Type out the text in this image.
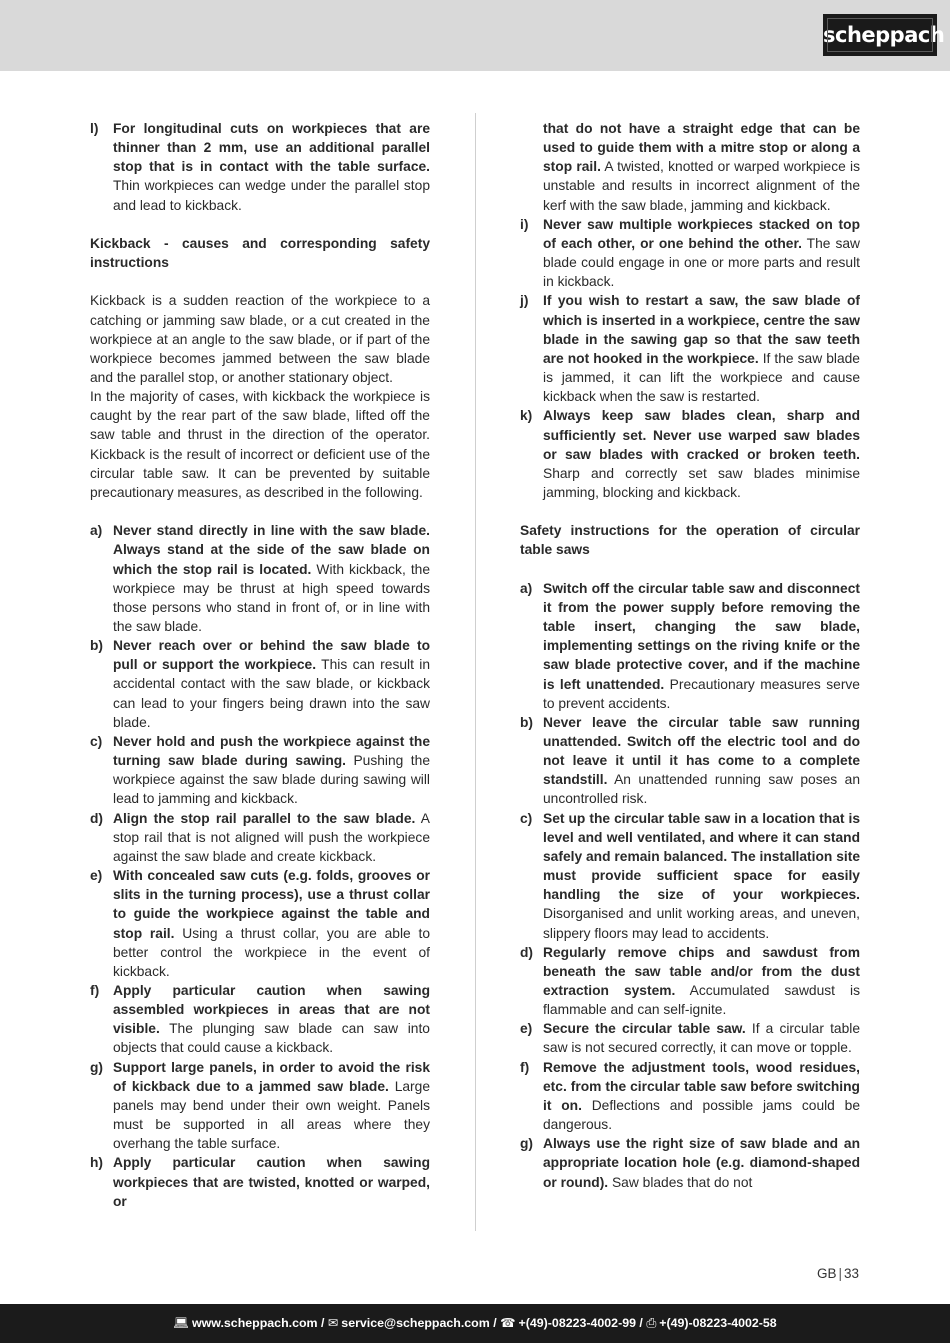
scheppach

l) For longitudinal cuts on workpieces that are thinner than 2 mm, use an additional parallel stop that is in contact with the table surface. Thin workpieces can wedge under the parallel stop and lead to kickback.

Kickback - causes and corresponding safety instructions

Kickback is a sudden reaction of the workpiece to a catching or jamming saw blade, or a cut created in the workpiece at an angle to the saw blade, or if part of the workpiece becomes jammed between the saw blade and the parallel stop, or another stationary object.

In the majority of cases, with kickback the workpiece is caught by the rear part of the saw blade, lifted off the saw table and thrust in the direction of the operator. Kickback is the result of incorrect or deficient use of the circular table saw. It can be prevented by suitable precautionary measures, as described in the following.

a) Never stand directly in line with the saw blade. Always stand at the side of the saw blade on which the stop rail is located. With kickback, the workpiece may be thrust at high speed towards those persons who stand in front of, or in line with the saw blade.

b) Never reach over or behind the saw blade to pull or support the workpiece. This can result in accidental contact with the saw blade, or kickback can lead to your fingers being drawn into the saw blade.

c) Never hold and push the workpiece against the turning saw blade during sawing. Pushing the workpiece against the saw blade during sawing will lead to jamming and kickback.

d) Align the stop rail parallel to the saw blade. A stop rail that is not aligned will push the workpiece against the saw blade and create kickback.

e) With concealed saw cuts (e.g. folds, grooves or slits in the turning process), use a thrust collar to guide the workpiece against the table and stop rail. Using a thrust collar, you are able to better control the workpiece in the event of kickback.

f) Apply particular caution when sawing assembled workpieces in areas that are not visible. The plunging saw blade can saw into objects that could cause a kickback.

g) Support large panels, in order to avoid the risk of kickback due to a jammed saw blade. Large panels may bend under their own weight. Panels must be supported in all areas where they overhang the table surface.

h) Apply particular caution when sawing workpieces that are twisted, knotted or warped, or

that do not have a straight edge that can be used to guide them with a mitre stop or along a stop rail. A twisted, knotted or warped workpiece is unstable and results in incorrect alignment of the kerf with the saw blade, jamming and kickback.

i) Never saw multiple workpieces stacked on top of each other, or one behind the other. The saw blade could engage in one or more parts and result in kickback.

j) If you wish to restart a saw, the saw blade of which is inserted in a workpiece, centre the saw blade in the sawing gap so that the saw teeth are not hooked in the workpiece. If the saw blade is jammed, it can lift the workpiece and cause kickback when the saw is restarted.

k) Always keep saw blades clean, sharp and sufficiently set. Never use warped saw blades or saw blades with cracked or broken teeth. Sharp and correctly set saw blades minimise jamming, blocking and kickback.

Safety instructions for the operation of circular table saws

a) Switch off the circular table saw and disconnect it from the power supply before removing the table insert, changing the saw blade, implementing settings on the riving knife or the saw blade protective cover, and if the machine is left unattended. Precautionary measures serve to prevent accidents.

b) Never leave the circular table saw running unattended. Switch off the electric tool and do not leave it until it has come to a complete standstill. An unattended running saw poses an uncontrolled risk.

c) Set up the circular table saw in a location that is level and well ventilated, and where it can stand safely and remain balanced. The installation site must provide sufficient space for easily handling the size of your workpieces. Disorganised and unlit working areas, and uneven, slippery floors may lead to accidents.

d) Regularly remove chips and sawdust from beneath the saw table and/or from the dust extraction system. Accumulated sawdust is flammable and can self-ignite.

e) Secure the circular table saw. If a circular table saw is not secured correctly, it can move or topple.

f) Remove the adjustment tools, wood residues, etc. from the circular table saw before switching it on. Deflections and possible jams could be dangerous.

g) Always use the right size of saw blade and an appropriate location hole (e.g. diamond-shaped or round). Saw blades that do not

GB | 33
💻︎ www.scheppach.com / ✉︎ service@scheppach.com / ☎︎ +(49)-08223-4002-99 / ⎙︎ +(49)-08223-4002-58
